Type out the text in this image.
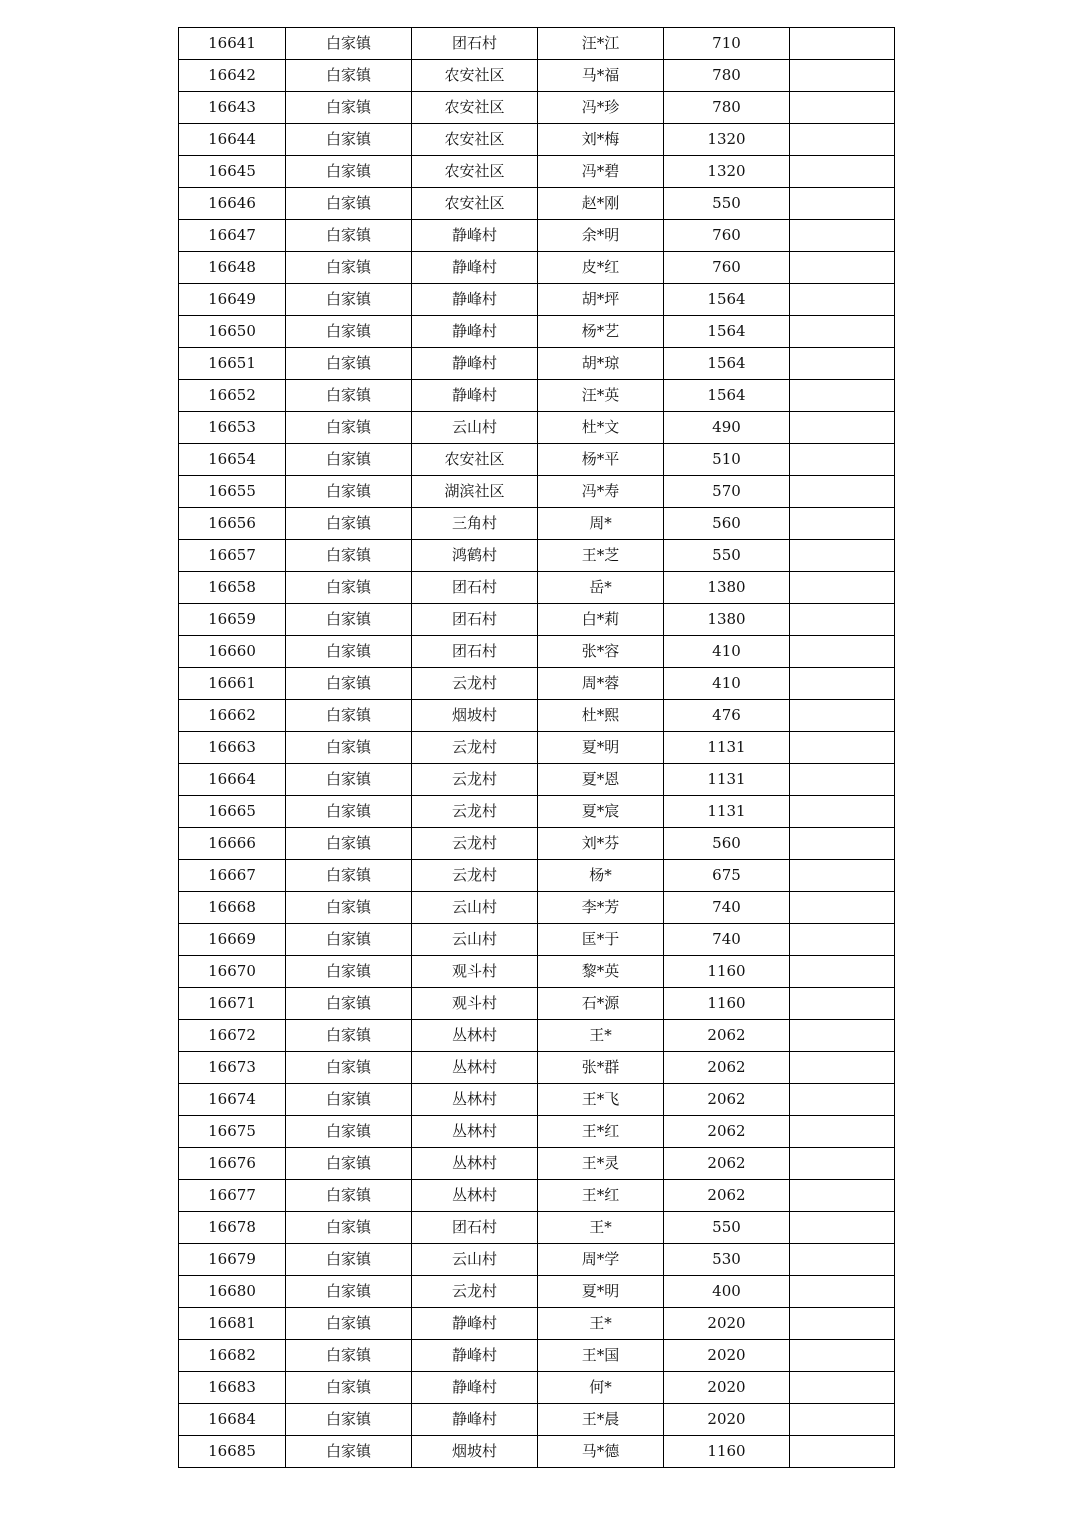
16641	白家镇	团石村	汪*江	710	
16642	白家镇	农安社区	马*福	780	
16643	白家镇	农安社区	冯*珍	780	
16644	白家镇	农安社区	刘*梅	1320	
16645	白家镇	农安社区	冯*碧	1320	
16646	白家镇	农安社区	赵*刚	550	
16647	白家镇	静峰村	余*明	760	
16648	白家镇	静峰村	皮*红	760	
16649	白家镇	静峰村	胡*坪	1564	
16650	白家镇	静峰村	杨*艺	1564	
16651	白家镇	静峰村	胡*琼	1564	
16652	白家镇	静峰村	汪*英	1564	
16653	白家镇	云山村	杜*文	490	
16654	白家镇	农安社区	杨*平	510	
16655	白家镇	湖滨社区	冯*寿	570	
16656	白家镇	三角村	周*	560	
16657	白家镇	鸿鹤村	王*芝	550	
16658	白家镇	团石村	岳*	1380	
16659	白家镇	团石村	白*莉	1380	
16660	白家镇	团石村	张*容	410	
16661	白家镇	云龙村	周*蓉	410	
16662	白家镇	烟坡村	杜*熙	476	
16663	白家镇	云龙村	夏*明	1131	
16664	白家镇	云龙村	夏*恩	1131	
16665	白家镇	云龙村	夏*宸	1131	
16666	白家镇	云龙村	刘*芬	560	
16667	白家镇	云龙村	杨*	675	
16668	白家镇	云山村	李*芳	740	
16669	白家镇	云山村	匡*于	740	
16670	白家镇	观斗村	黎*英	1160	
16671	白家镇	观斗村	石*源	1160	
16672	白家镇	丛林村	王*	2062	
16673	白家镇	丛林村	张*群	2062	
16674	白家镇	丛林村	王*飞	2062	
16675	白家镇	丛林村	王*红	2062	
16676	白家镇	丛林村	王*灵	2062	
16677	白家镇	丛林村	王*红	2062	
16678	白家镇	团石村	王*	550	
16679	白家镇	云山村	周*学	530	
16680	白家镇	云龙村	夏*明	400	
16681	白家镇	静峰村	王*	2020	
16682	白家镇	静峰村	王*国	2020	
16683	白家镇	静峰村	何*	2020	
16684	白家镇	静峰村	王*晨	2020	
16685	白家镇	烟坡村	马*德	1160	
